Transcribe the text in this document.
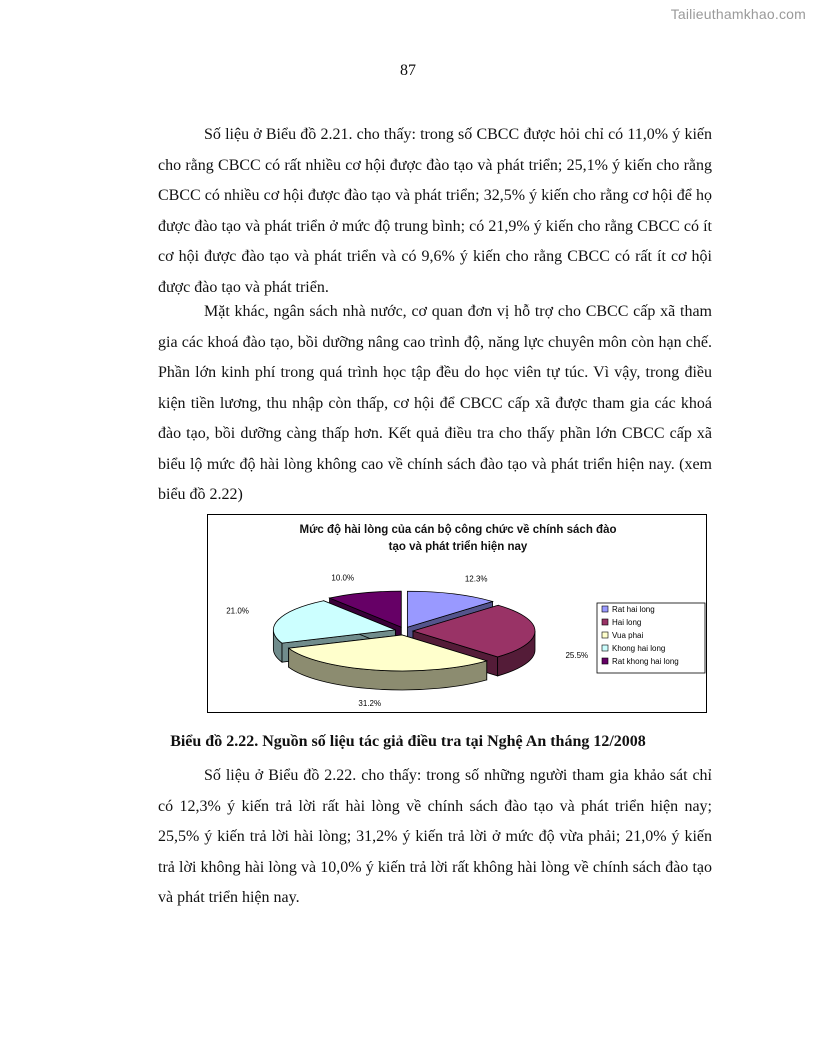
Tailieuthamkhao.com
87

Số liệu ở Biểu đồ 2.21. cho thấy: trong số CBCC được hỏi chỉ có 11,0% ý kiến cho rằng CBCC có rất nhiều cơ hội được đào tạo và phát triển; 25,1% ý kiến cho rằng CBCC có nhiều cơ hội được đào tạo và phát triển; 32,5% ý kiến cho rằng cơ hội để họ được đào tạo và phát triển ở mức độ trung bình; có 21,9% ý kiến cho rằng CBCC có ít cơ hội được đào tạo và phát triển và có 9,6% ý kiến cho rằng CBCC có rất ít cơ hội được đào tạo và phát triển.

Mặt khác, ngân sách nhà nước, cơ quan đơn vị hỗ trợ cho CBCC cấp xã tham gia các khoá đào tạo, bồi dưỡng nâng cao trình độ, năng lực chuyên môn còn hạn chế. Phần lớn kinh phí trong quá trình học tập đều do học viên tự túc. Vì vậy, trong điều kiện tiền lương, thu nhập còn thấp, cơ hội để CBCC cấp xã được tham gia các khoá đào tạo, bồi dưỡng càng thấp hơn. Kết quả điều tra cho thấy phần lớn CBCC cấp xã biểu lộ mức độ hài lòng không cao về chính sách đào tạo và phát triển hiện nay. (xem biểu đồ 2.22)

Mức độ hài lòng của cán bộ công chức về chính sách đào
tạo và phát triển hiện nay
12.3%
25.5%
31.2%
21.0%
10.0%
Rat hai long
Hai long
Vua phai
Khong hai long
Rat khong hai long
Biểu đồ 2.22. Nguồn số liệu tác giả điều tra tại Nghệ An tháng 12/2008

Số liệu ở Biểu đồ 2.22. cho thấy: trong số những người tham gia khảo sát chỉ có 12,3% ý kiến trả lời rất hài lòng về chính sách đào tạo và phát triển hiện nay; 25,5% ý kiến trả lời hài lòng; 31,2% ý kiến trả lời ở mức độ vừa phải; 21,0% ý kiến trả lời không hài lòng và 10,0% ý kiến trả lời rất không hài lòng về chính sách đào tạo và phát triển hiện nay.
